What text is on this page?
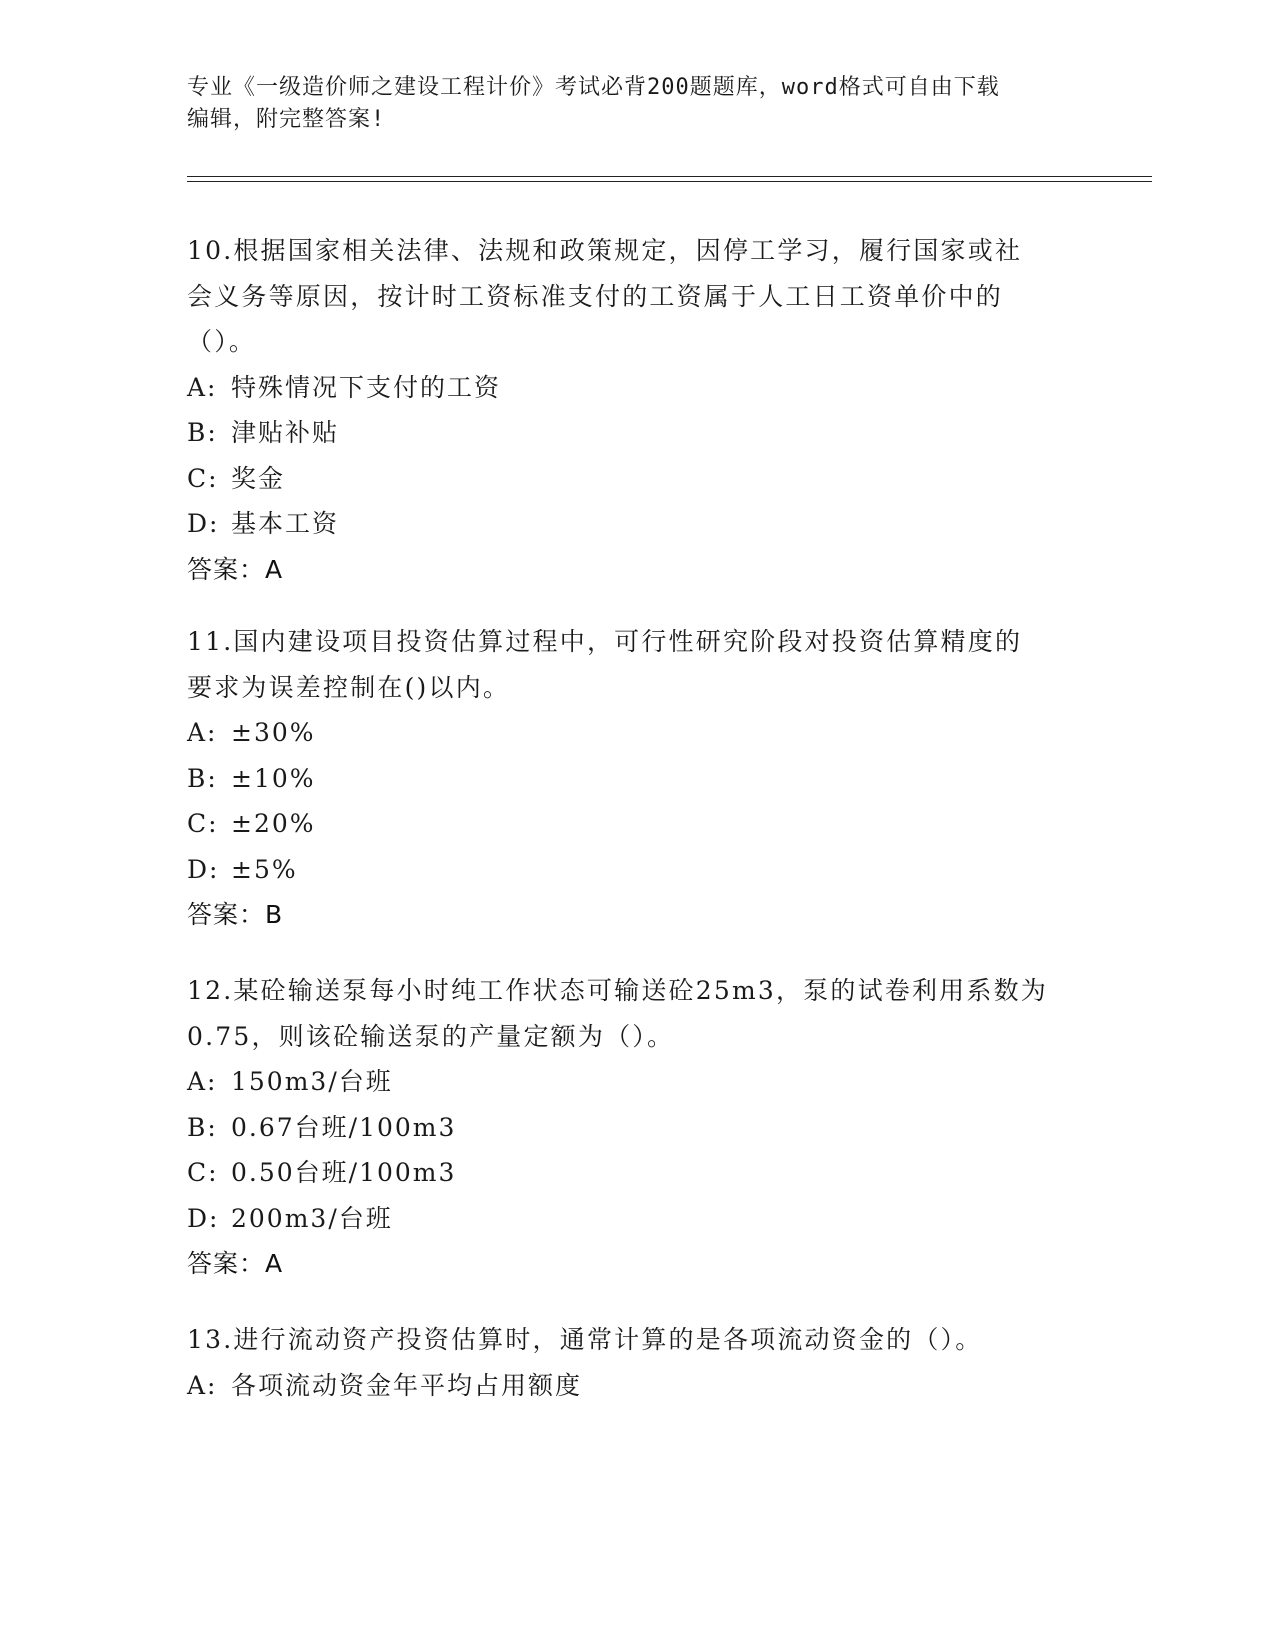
专业《一级造价师之建设工程计价》考试必背200题题库，word格式可自由下载
编辑，附完整答案!

10.根据国家相关法律、法规和政策规定，因停工学习，履行国家或社

会义务等原因，按计时工资标准支付的工资属于人工日工资单价中的

（）。

A: 特殊情况下支付的工资

B: 津贴补贴

C: 奖金

D: 基本工资

答案：A

11.国内建设项目投资估算过程中，可行性研究阶段对投资估算精度的

要求为误差控制在()以内。

A: ±30%

B: ±10%

C: ±20%

D: ±5%

答案：B

12.某砼输送泵每小时纯工作状态可输送砼25m3，泵的试卷利用系数为

0.75，则该砼输送泵的产量定额为（）。

A: 150m3/台班

B: 0.67台班/100m3

C: 0.50台班/100m3

D: 200m3/台班

答案：A

13.进行流动资产投资估算时，通常计算的是各项流动资金的（）。

A: 各项流动资金年平均占用额度
